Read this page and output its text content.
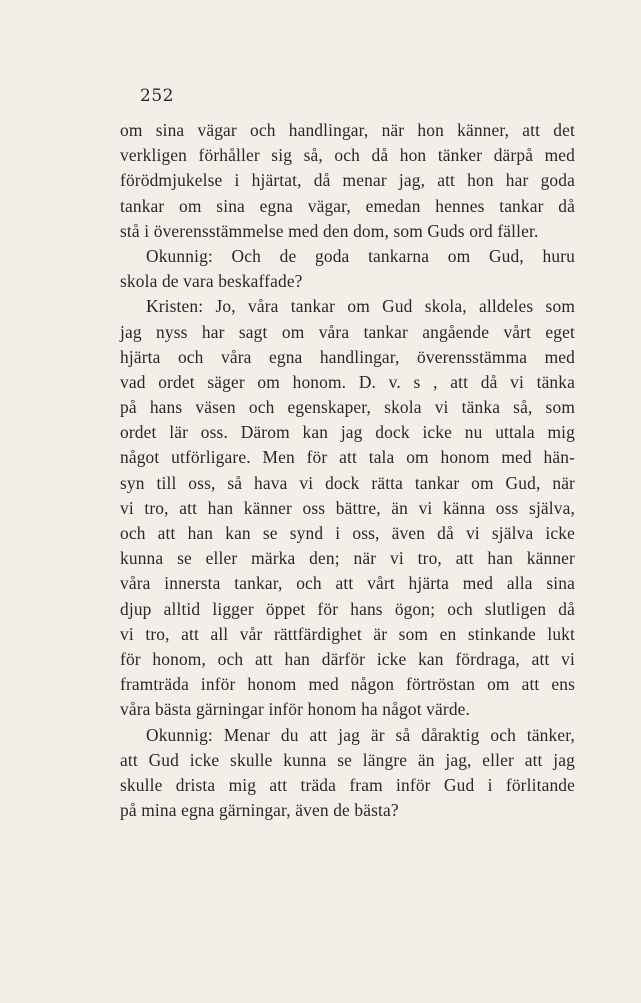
252
om sina vägar och handlingar, när hon känner, att det
verkligen förhåller sig så, och då hon tänker därpå med
förödmjukelse i hjärtat, då menar jag, att hon har goda
tankar om sina egna vägar, emedan hennes tankar då
stå i överensstämmelse med den dom, som Guds ord fäller.
Okunnig: Och de goda tankarna om Gud, huru
skola de vara beskaffade?
Kristen: Jo, våra tankar om Gud skola, alldeles som
jag nyss har sagt om våra tankar angående vårt eget
hjärta och våra egna handlingar, överensstämma med
vad ordet säger om honom. D. v. s , att då vi tänka
på hans väsen och egenskaper, skola vi tänka så, som
ordet lär oss. Därom kan jag dock icke nu uttala mig
något utförligare. Men för att tala om honom med hän-
syn till oss, så hava vi dock rätta tankar om Gud, när
vi tro, att han känner oss bättre, än vi känna oss själva,
och att han kan se synd i oss, även då vi själva icke
kunna se eller märka den; när vi tro, att han känner
våra innersta tankar, och att vårt hjärta med alla sina
djup alltid ligger öppet för hans ögon; och slutligen då
vi tro, att all vår rättfärdighet är som en stinkande lukt
för honom, och att han därför icke kan fördraga, att vi
framträda inför honom med någon förtröstan om att ens
våra bästa gärningar inför honom ha något värde.
Okunnig: Menar du att jag är så dåraktig och tänker,
att Gud icke skulle kunna se längre än jag, eller att jag
skulle drista mig att träda fram inför Gud i förlitande
på mina egna gärningar, även de bästa?
